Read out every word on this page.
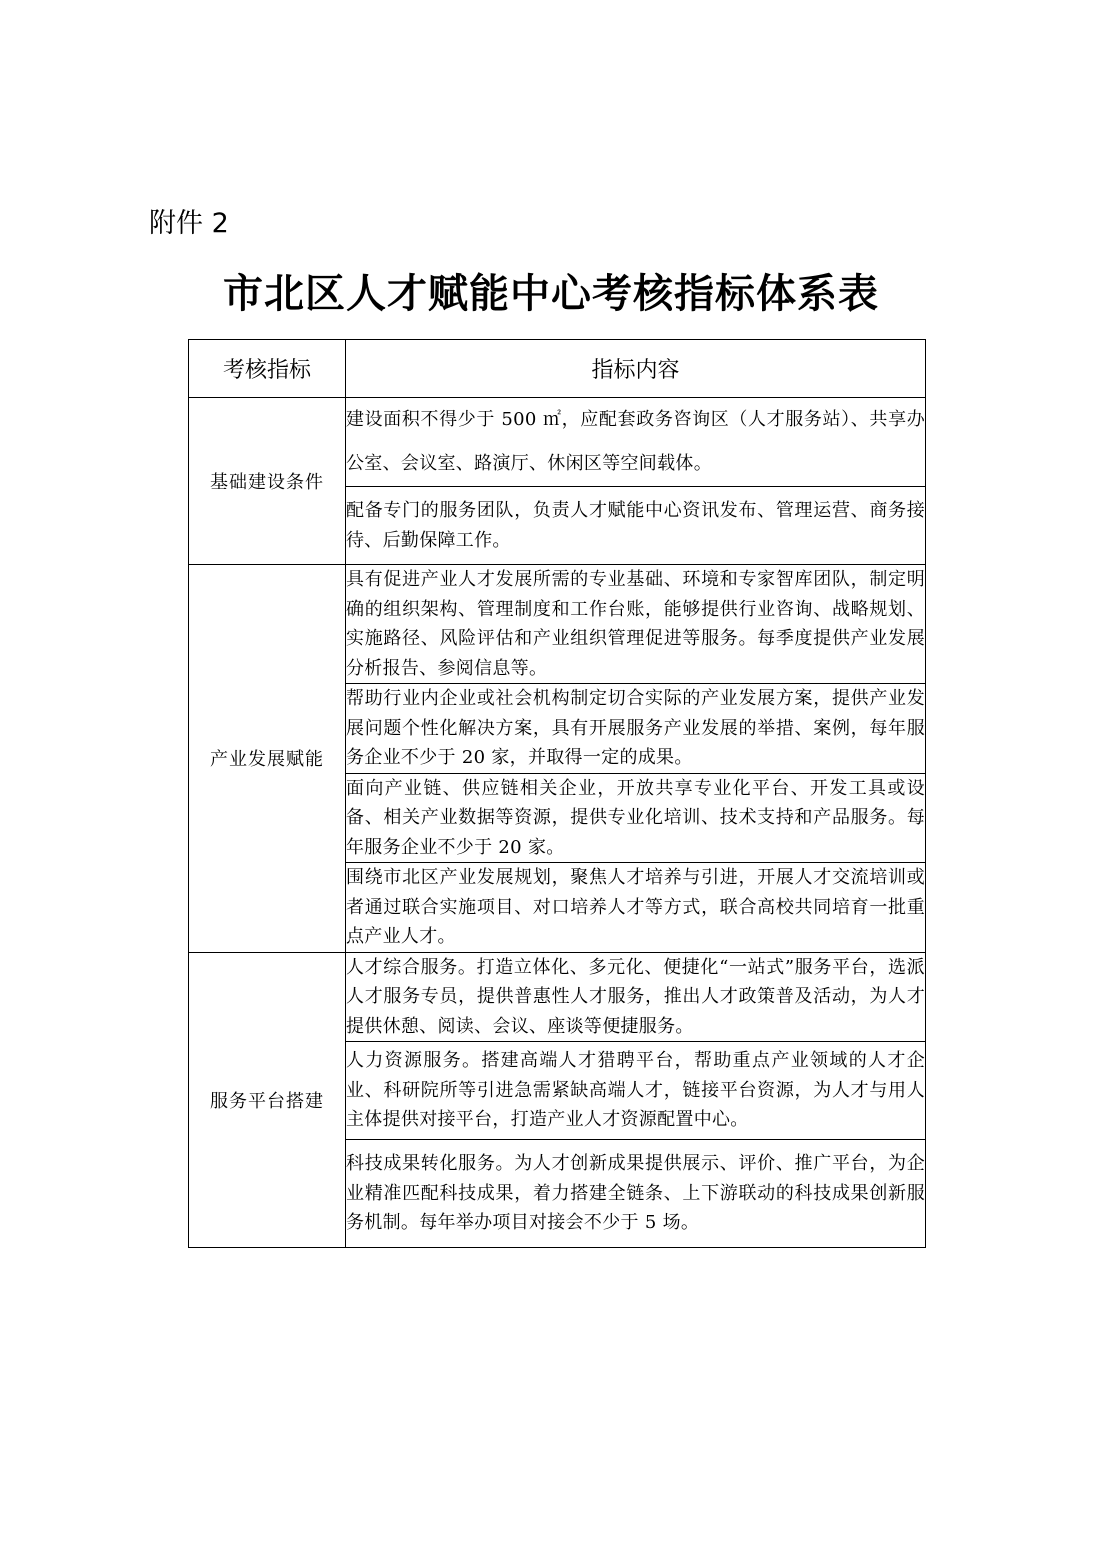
附件 2
市北区人才赋能中心考核指标体系表
考核指标	指标内容
基础建设条件	建设面积不得少于 500 ㎡，应配套政务咨询区（人才服务站）、共享办公室、会议室、路演厅、休闲区等空间载体。
	配备专门的服务团队，负责人才赋能中心资讯发布、管理运营、商务接待、后勤保障工作。
产业发展赋能	具有促进产业人才发展所需的专业基础、环境和专家智库团队，制定明确的组织架构、管理制度和工作台账，能够提供行业咨询、战略规划、实施路径、风险评估和产业组织管理促进等服务。每季度提供产业发展分析报告、参阅信息等。
	帮助行业内企业或社会机构制定切合实际的产业发展方案，提供产业发展问题个性化解决方案，具有开展服务产业发展的举措、案例，每年服务企业不少于 20 家，并取得一定的成果。
	面向产业链、供应链相关企业，开放共享专业化平台、开发工具或设备、相关产业数据等资源，提供专业化培训、技术支持和产品服务。每年服务企业不少于 20 家。
	围绕市北区产业发展规划，聚焦人才培养与引进，开展人才交流培训或者通过联合实施项目、对口培养人才等方式，联合高校共同培育一批重点产业人才。
服务平台搭建	人才综合服务。打造立体化、多元化、便捷化“一站式”服务平台，选派人才服务专员，提供普惠性人才服务，推出人才政策普及活动，为人才提供休憩、阅读、会议、座谈等便捷服务。
	人力资源服务。搭建高端人才猎聘平台，帮助重点产业领域的人才企业、科研院所等引进急需紧缺高端人才，链接平台资源，为人才与用人主体提供对接平台，打造产业人才资源配置中心。
	科技成果转化服务。为人才创新成果提供展示、评价、推广平台，为企业精准匹配科技成果，着力搭建全链条、上下游联动的科技成果创新服务机制。每年举办项目对接会不少于 5 场。
